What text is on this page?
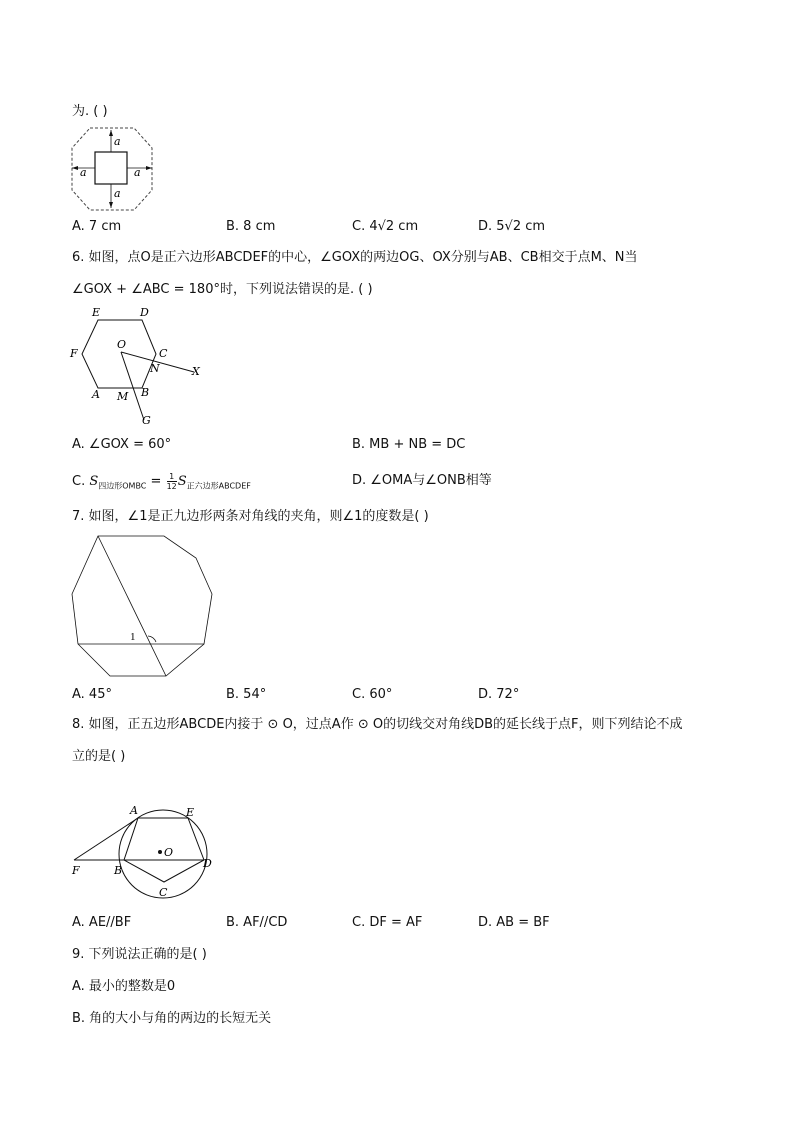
为. ( )
a
a
a	a
A. 7 cm	B. 8 cm	C. 4√2 cm	D. 5√2 cm
6. 如图，点O是正六边形ABCDEF的中心，∠GOX的两边OG、OX分别与AB、CB相交于点M、N当
∠GOX + ∠ABC = 180°时，下列说法错误的是. ( )
E	D
O
F	C
N	X
A M B
G
A. ∠GOX = 60°	B. MB + NB = DC
C. $S_{四边形OMBC} = \frac{1}{12} S_{正六边形ABCDEF}$	D. ∠OMA与∠ONB相等
7. 如图，∠1是正九边形两条对角线的夹角，则∠1的度数是( )
1
A. 45°	B. 54°	C. 60°	D. 72°
8. 如图，正五边形ABCDE内接于 ⊙ O，过点A作 ⊙ O的切线交对角线DB的延长线于点F，则下列结论不成
立的是( )
A	E
O
F	B
D
C
A. AE//BF	B. AF//CD	C. DF = AF	D. AB = BF
9. 下列说法正确的是( )
A. 最小的整数是0
B. 角的大小与角的两边的长短无关
